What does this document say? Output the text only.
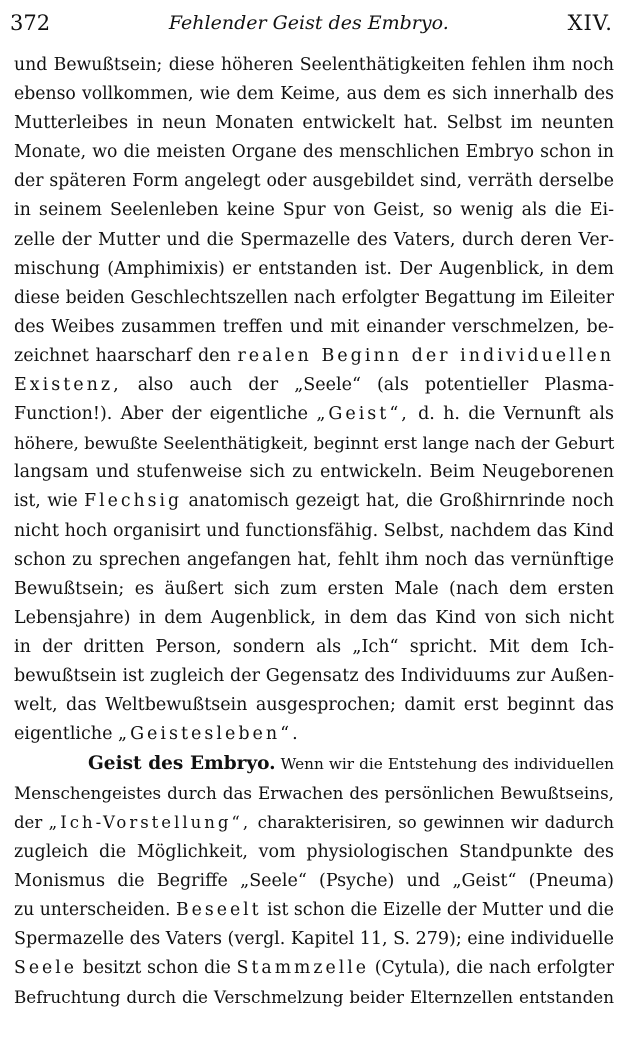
372	Fehlender Geist des Embryo.	XIV.
und Bewußtsein; diese höheren Seelenthätigkeiten fehlen ihm noch
ebenso vollkommen, wie dem Keime, aus dem es sich innerhalb des
Mutterleibes in neun Monaten entwickelt hat. Selbst im neunten
Monate, wo die meisten Organe des menschlichen Embryo schon in
der späteren Form angelegt oder ausgebildet sind, verräth derselbe
in seinem Seelenleben keine Spur von Geist, so wenig als die Ei-
zelle der Mutter und die Spermazelle des Vaters, durch deren Ver-
mischung (Amphimixis) er entstanden ist. Der Augenblick, in dem
diese beiden Geschlechtszellen nach erfolgter Begattung im Eileiter
des Weibes zusammen treffen und mit einander verschmelzen, be-
zeichnet haarscharf den realen Beginn der individuellen
Existenz, also auch der „Seele“ (als potentieller Plasma-
Function!). Aber der eigentliche „Geist“, d. h. die Vernunft als
höhere, bewußte Seelenthätigkeit, beginnt erst lange nach der Geburt
langsam und stufenweise sich zu entwickeln. Beim Neugeborenen
ist, wie Flechsig anatomisch gezeigt hat, die Großhirnrinde noch
nicht hoch organisirt und functionsfähig. Selbst, nachdem das Kind
schon zu sprechen angefangen hat, fehlt ihm noch das vernünftige
Bewußtsein; es äußert sich zum ersten Male (nach dem ersten
Lebensjahre) in dem Augenblick, in dem das Kind von sich nicht
in der dritten Person, sondern als „Ich“ spricht. Mit dem Ich-
bewußtsein ist zugleich der Gegensatz des Individuums zur Außen-
welt, das Weltbewußtsein ausgesprochen; damit erst beginnt das
eigentliche „Geistesleben“.
Geist des Embryo. Wenn wir die Entstehung des individuellen
Menschengeistes durch das Erwachen des persönlichen Bewußtseins,
der „Ich-Vorstellung“, charakterisiren, so gewinnen wir dadurch
zugleich die Möglichkeit, vom physiologischen Standpunkte des
Monismus die Begriffe „Seele“ (Psyche) und „Geist“ (Pneuma)
zu unterscheiden. Beseelt ist schon die Eizelle der Mutter und die
Spermazelle des Vaters (vergl. Kapitel 11, S. 279); eine individuelle
Seele besitzt schon die Stammzelle (Cytula), die nach erfolgter
Befruchtung durch die Verschmelzung beider Elternzellen entstanden
